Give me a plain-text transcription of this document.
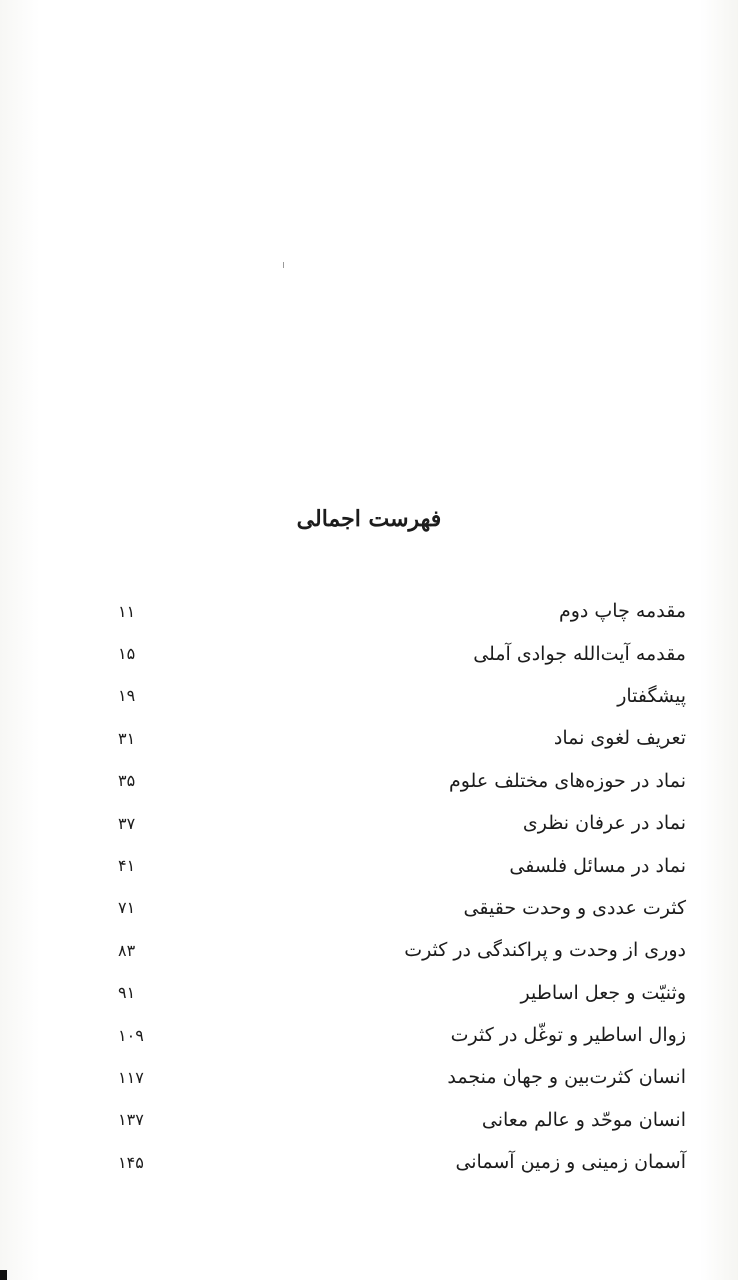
فهرست اجمالی
مقدمه چاپ دوم
۱۱
مقدمه آیت‌الله جوادی آملی
۱۵
پیشگفتار
۱۹
تعریف لغوی نماد
۳۱
نماد در حوزه‌های مختلف علوم
۳۵
نماد در عرفان نظری
۳۷
نماد در مسائل فلسفی
۴۱
کثرت عددی و وحدت حقیقی
۷۱
دوری از وحدت و پراکندگی در کثرت
۸۳
وثنیّت و جعل اساطیر
۹۱
زوال اساطیر و توغّل در کثرت
۱۰۹
انسان کثرت‌بین و جهان منجمد
۱۱۷
انسان موحّد و عالم معانی
۱۳۷
آسمان زمینی و زمین آسمانی
۱۴۵
